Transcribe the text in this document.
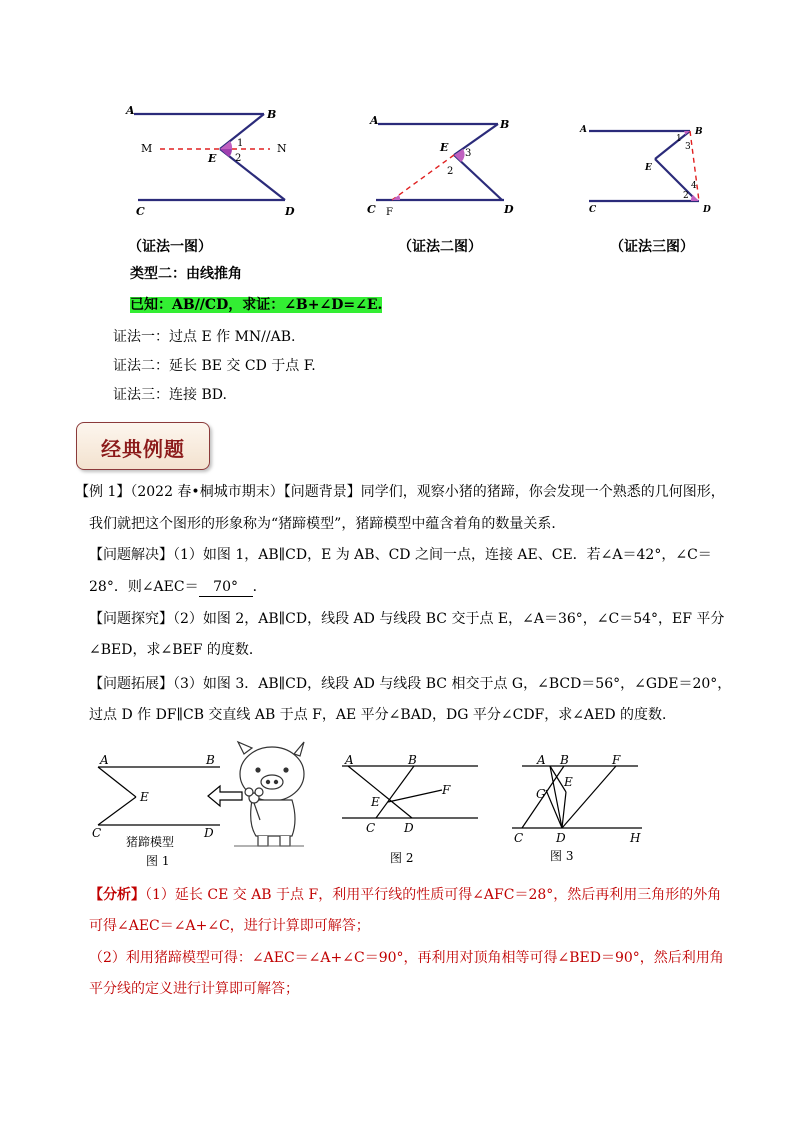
A	B
M	N
1
2
E
C	D
A	B
E 3
2
C F	D
A
1
B
3
E
4
2
C	D
（证法一图）	（证法二图）	（证法三图）
类型二：由线推角
已知：AB//CD，求证：∠B+∠D=∠E.
证法一：过点 E 作 MN//AB.
证法二：延长 BE 交 CD 于点 F.
证法三：连接 BD.
经典例题
【例 1】（2022 春•桐城市期末）【问题背景】同学们，观察小猪的猪蹄，你会发现一个熟悉的几何图形，
我们就把这个图形的形象称为“猪蹄模型”，猪蹄模型中蕴含着角的数量关系．
【问题解决】（1）如图 1，AB∥CD，E 为 AB、CD 之间一点，连接 AE、CE．若∠A＝42°，∠C＝
28°．则∠AEC＝ 70° ．
【问题探究】（2）如图 2，AB∥CD，线段 AD 与线段 BC 交于点 E，∠A＝36°，∠C＝54°，EF 平分
∠BED，求∠BEF 的度数．
【问题拓展】（3）如图 3．AB∥CD，线段 AD 与线段 BC 相交于点 G，∠BCD＝56°，∠GDE＝20°，
过点 D 作 DF∥CB 交直线 AB 于点 F，AE 平分∠BAD，DG 平分∠CDF，求∠AED 的度数．
A	B
E
C	D
猪蹄模型
图 1
A	B
F
E
C D
图 2
A B	F
G
E
C	D	H
图 3
【分析】（1）延长 CE 交 AB 于点 F，利用平行线的性质可得∠AFC＝28°，然后再利用三角形的外角
可得∠AEC＝∠A+∠C，进行计算即可解答；
（2）利用猪蹄模型可得：∠AEC＝∠A+∠C＝90°，再利用对顶角相等可得∠BED＝90°，然后利用角
平分线的定义进行计算即可解答；
